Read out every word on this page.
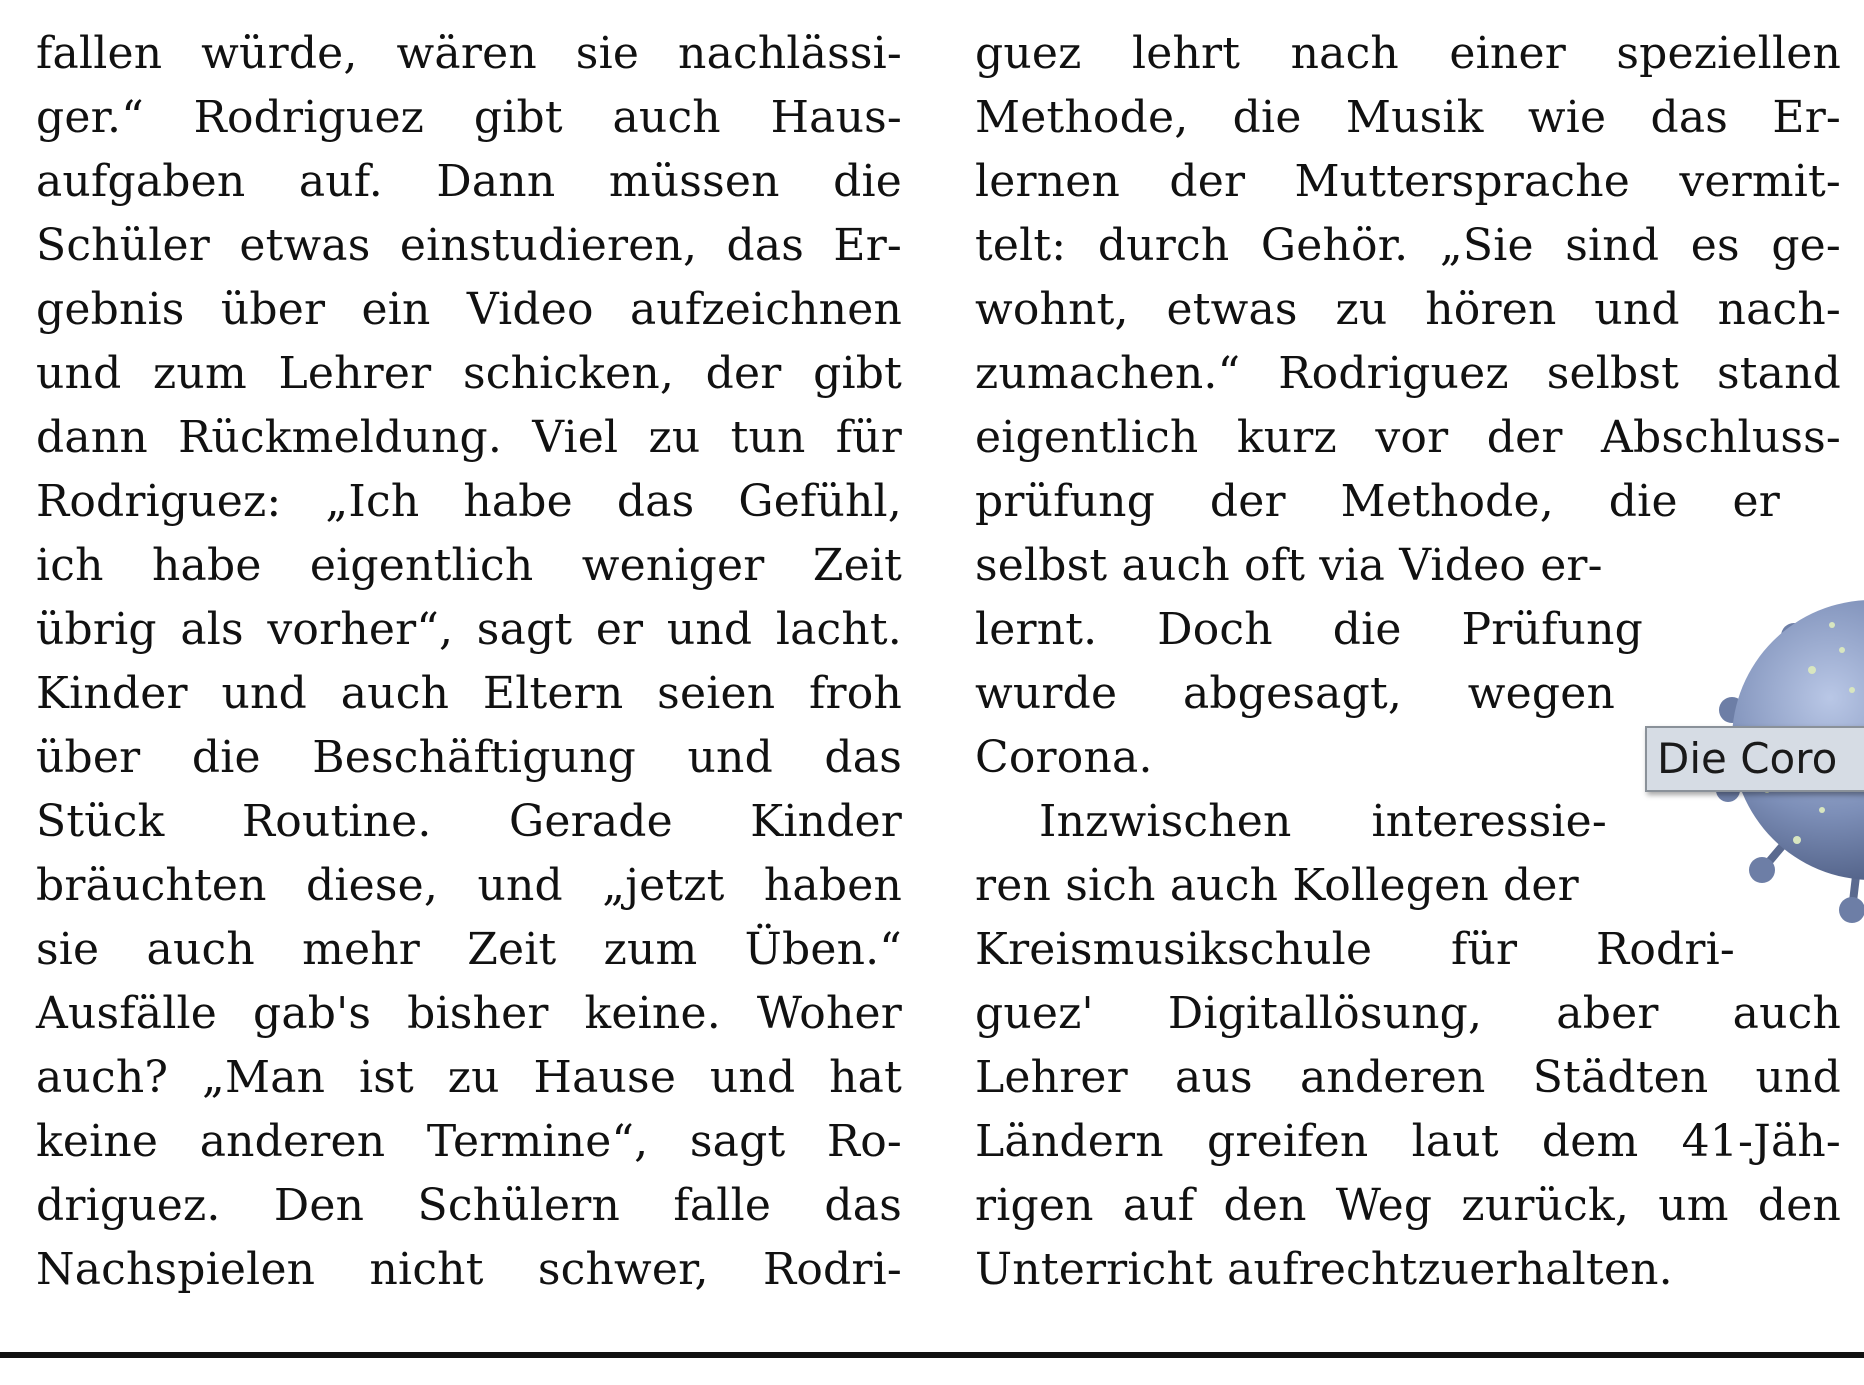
fallen würde, wären sie nachlässi-
ger.“ Rodriguez gibt auch Haus-
aufgaben auf. Dann müssen die
Schüler etwas einstudieren, das Er-
gebnis über ein Video aufzeichnen
und zum Lehrer schicken, der gibt
dann Rückmeldung. Viel zu tun für
Rodriguez: „Ich habe das Gefühl,
ich habe eigentlich weniger Zeit
übrig als vorher“, sagt er und lacht.
Kinder und auch Eltern seien froh
über die Beschäftigung und das
Stück Routine. Gerade Kinder
bräuchten diese, und „jetzt haben
sie auch mehr Zeit zum Üben.“
Ausfälle gab's bisher keine. Woher
auch? „Man ist zu Hause und hat
keine anderen Termine“, sagt Ro-
driguez. Den Schülern falle das
Nachspielen nicht schwer, Rodri-
guez lehrt nach einer speziellen
Methode, die Musik wie das Er-
lernen der Muttersprache vermit-
telt: durch Gehör. „Sie sind es ge-
wohnt, etwas zu hören und nach-
zumachen.“ Rodriguez selbst stand
eigentlich kurz vor der Abschluss-
prüfung der Methode, die er
selbst auch oft via Video er-
lernt. Doch die Prüfung
wurde abgesagt, wegen
Corona.
Inzwischen interessie-
ren sich auch Kollegen der
Kreismusikschule für Rodri-
guez' Digitallösung, aber auch
Lehrer aus anderen Städten und
Ländern greifen laut dem 41-Jäh-
rigen auf den Weg zurück, um den
Unterricht aufrechtzuerhalten.
Die Coro
